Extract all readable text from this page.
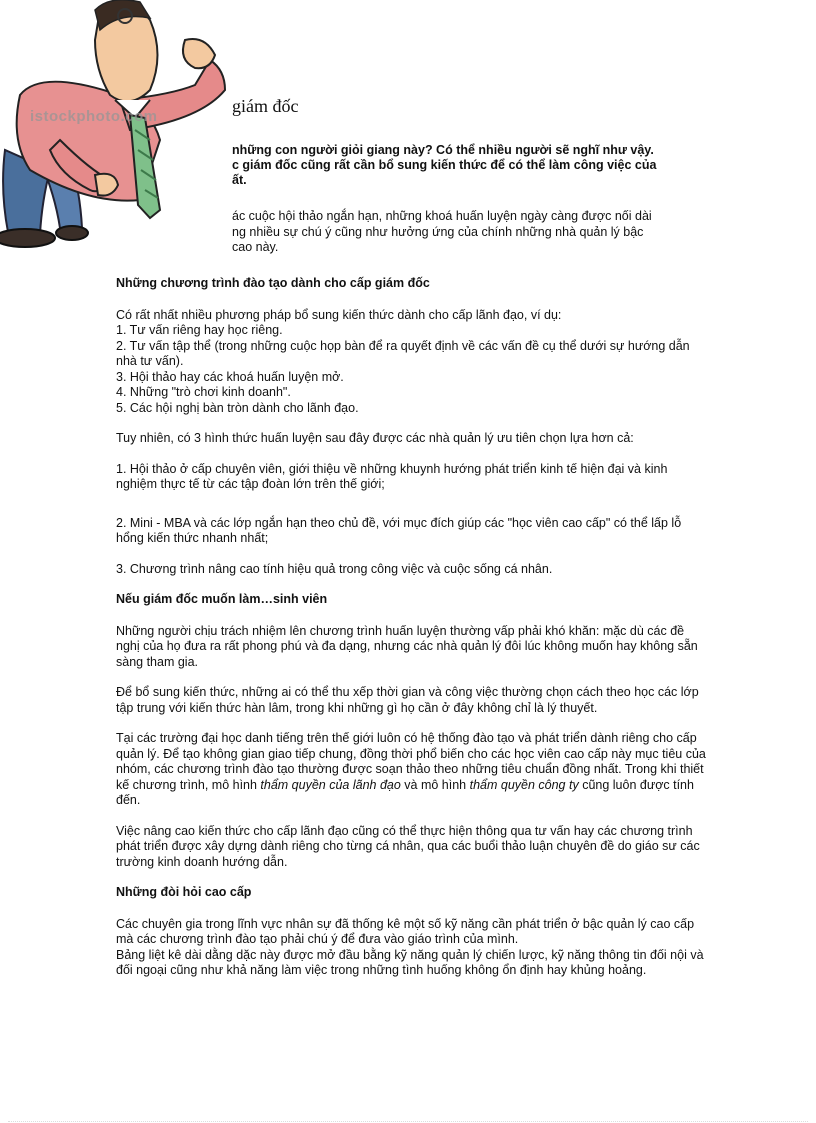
istockphoto.com
giám đốc
những con người giỏi giang này? Có thể nhiều người sẽ nghĩ như vậy.
c giám đốc cũng rất cần bổ sung kiến thức để có thể làm công việc của
ất.
ác cuộc hội thảo ngắn hạn, những khoá huấn luyện ngày càng được nối dài
ng nhiều sự chú ý cũng như hưởng ứng của chính những nhà quản lý bậc
cao này.
Những chương trình đào tạo dành cho cấp giám đốc
Có rất nhất nhiều phương pháp bổ sung kiến thức dành cho cấp lãnh đạo, ví dụ:
1. Tư vấn riêng hay học riêng.
2. Tư vấn tập thể (trong những cuộc họp bàn để ra quyết định về các vấn đề cụ thể dưới sự hướng dẫn nhà tư vấn).
3. Hội thảo hay các khoá huấn luyện mở.
4. Những "trò chơi kinh doanh".
5. Các hội nghị bàn tròn dành cho lãnh đạo.

Tuy nhiên, có 3 hình thức huấn luyện sau đây được các nhà quản lý ưu tiên chọn lựa hơn cả:

1. Hội thảo ở cấp chuyên viên, giới thiệu về những khuynh hướng phát triển kinh tế hiện đại và kinh nghiệm thực tế từ các tập đoàn lớn trên thế giới;

2. Mini - MBA và các lớp ngắn hạn theo chủ đề, với mục đích giúp các "học viên cao cấp" có thể lấp lỗ hổng kiến thức nhanh nhất;

3. Chương trình nâng cao tính hiệu quả trong công việc và cuộc sống cá nhân.

Nếu giám đốc muốn làm…sinh viên

Những người chịu trách nhiệm lên chương trình huấn luyện thường vấp phải khó khăn: mặc dù các đề nghị của họ đưa ra rất phong phú và đa dạng, nhưng các nhà quản lý đôi lúc không muốn hay không sẵn sàng tham gia.

Để bổ sung kiến thức, những ai có thể thu xếp thời gian và công việc thường chọn cách theo học các lớp tập trung với kiến thức hàn lâm, trong khi những gì họ cần ở đây không chỉ là lý thuyết.

Tại các trường đại học danh tiếng trên thế giới luôn có hệ thống đào tạo và phát triển dành riêng cho cấp quản lý. Để tạo không gian giao tiếp chung, đồng thời phổ biến cho các học viên cao cấp này mục tiêu của nhóm, các chương trình đào tạo thường được soạn thảo theo những tiêu chuẩn đồng nhất. Trong khi thiết kế chương trình, mô hình thẩm quyền của lãnh đạo và mô hình thẩm quyền công ty cũng luôn được tính đến.

Việc nâng cao kiến thức cho cấp lãnh đạo cũng có thể thực hiện thông qua tư vấn hay các chương trình phát triển được xây dựng dành riêng cho từng cá nhân, qua các buổi thảo luận chuyên đề do giáo sư các trường kinh doanh hướng dẫn.

Những đòi hỏi cao cấp
Các chuyên gia trong lĩnh vực nhân sự đã thống kê một số kỹ năng cần phát triển ở bậc quản lý cao cấp mà các chương trình đào tạo phải chú ý để đưa vào giáo trình của mình.
Bảng liệt kê dài dằng dặc này được mở đầu bằng kỹ năng quản lý chiến lược, kỹ năng thông tin đối nội và đối ngoại cũng như khả năng làm việc trong những tình huống không ổn định hay khủng hoảng.
